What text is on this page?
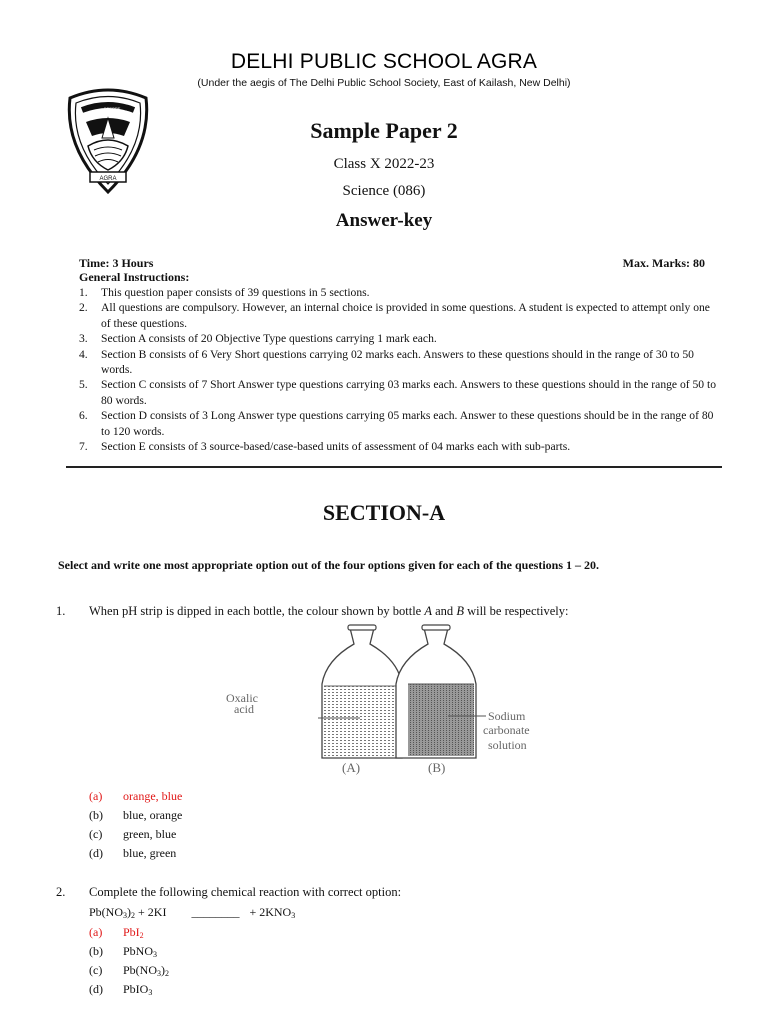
DELHI PUBLIC SCHOOL AGRA
(Under the aegis of The Delhi Public School Society, East of Kailash, New Delhi)
SERVICE
BEFORE
SELF
AGRA
Sample Paper 2
Class X 2022-23
Science (086)
Answer-key
Time: 3 Hours	Max. Marks: 80
General Instructions:
1. This question paper consists of 39 questions in 5 sections.
2. All questions are compulsory. However, an internal choice is provided in some questions. A student is expected to attempt only one of these questions.
3. Section A consists of 20 Objective Type questions carrying 1 mark each.
4. Section B consists of 6 Very Short questions carrying 02 marks each. Answers to these questions should in the range of 30 to 50 words.
5. Section C consists of 7 Short Answer type questions carrying 03 marks each. Answers to these questions should in the range of 50 to 80 words.
6. Section D consists of 3 Long Answer type questions carrying 05 marks each. Answer to these questions should be in the range of 80 to 120 words.
7. Section E consists of 3 source-based/case-based units of assessment of 04 marks each with sub-parts.
SECTION-A
Select and write one most appropriate option out of the four options given for each of the questions 1 – 20.
1. When pH strip is dipped in each bottle, the colour shown by bottle A and B will be respectively:
Oxalic
acid	Sodium
carbonate
solution
(A)	(B)
(a) orange, blue
(b) blue, orange
(c) green, blue
(d) blue, green
2. Complete the following chemical reaction with correct option:
$Pb(NO_3)_2 + 2KI$ ________ + $2KNO_3$
(a) PbI$_2$
(b) PbNO$_3$
(c) $Pb(NO_3)_2$
(d) PbIO$_3$
